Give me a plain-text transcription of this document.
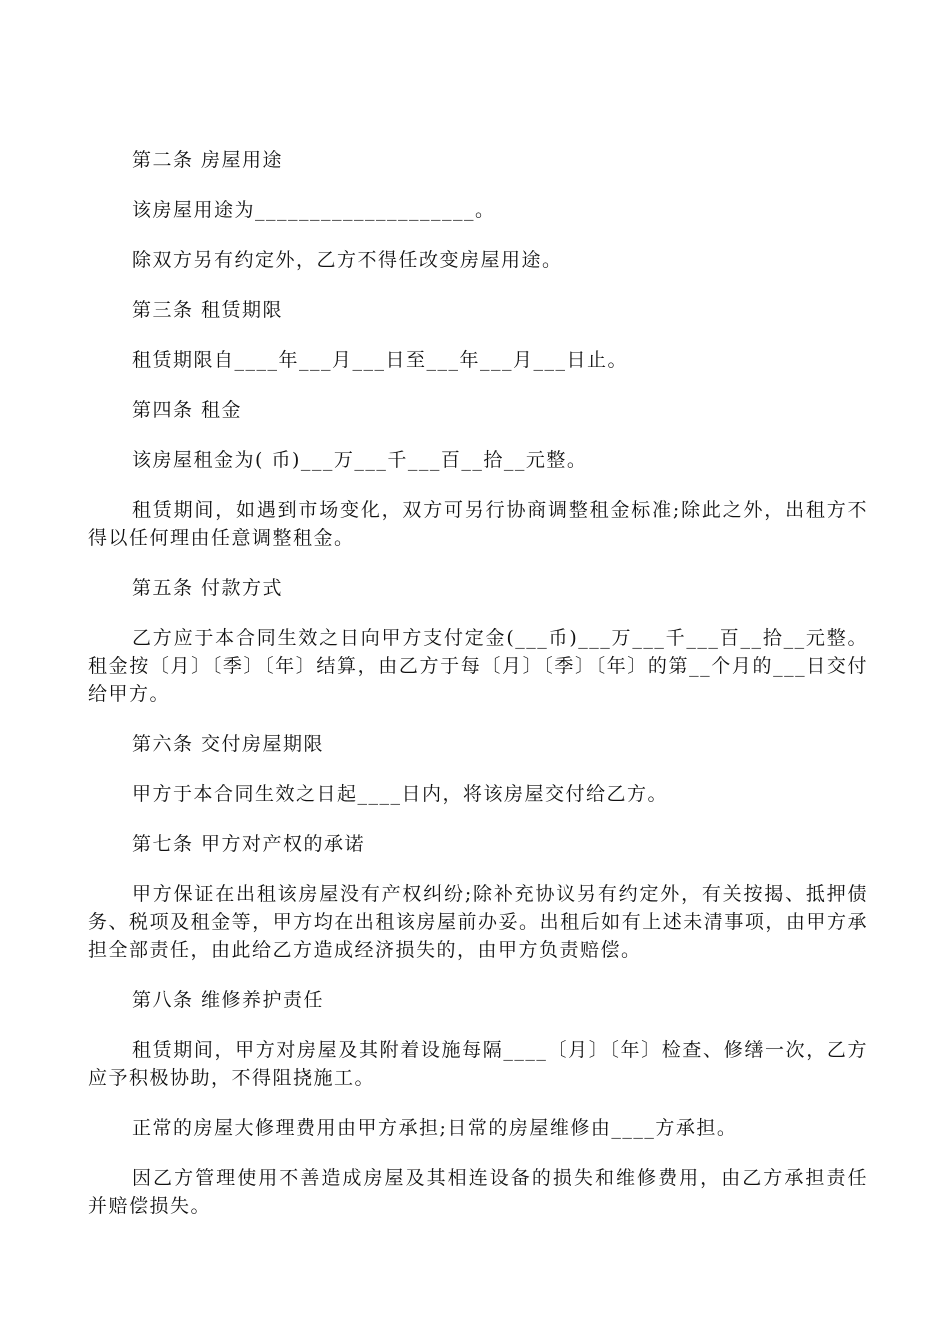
第二条 房屋用途

该房屋用途为____________________。

除双方另有约定外，乙方不得任改变房屋用途。

第三条 租赁期限

租赁期限自____年___月___日至___年___月___日止。

第四条 租金

该房屋租金为( 币)___万___千___百__拾__元整。

租赁期间，如遇到市场变化，双方可另行协商调整租金标准;除此之外，出租方不得以任何理由任意调整租金。

第五条 付款方式

乙方应于本合同生效之日向甲方支付定金(___币)___万___千___百__拾__元整。租金按〔月〕〔季〕〔年〕结算，由乙方于每〔月〕〔季〕〔年〕的第__个月的___日交付给甲方。

第六条 交付房屋期限

甲方于本合同生效之日起____日内，将该房屋交付给乙方。

第七条 甲方对产权的承诺

甲方保证在出租该房屋没有产权纠纷;除补充协议另有约定外，有关按揭、抵押债务、税项及租金等，甲方均在出租该房屋前办妥。出租后如有上述未清事项，由甲方承担全部责任，由此给乙方造成经济损失的，由甲方负责赔偿。

第八条 维修养护责任

租赁期间，甲方对房屋及其附着设施每隔____〔月〕〔年〕检查、修缮一次，乙方应予积极协助，不得阻挠施工。

正常的房屋大修理费用由甲方承担;日常的房屋维修由____方承担。

因乙方管理使用不善造成房屋及其相连设备的损失和维修费用，由乙方承担责任并赔偿损失。
